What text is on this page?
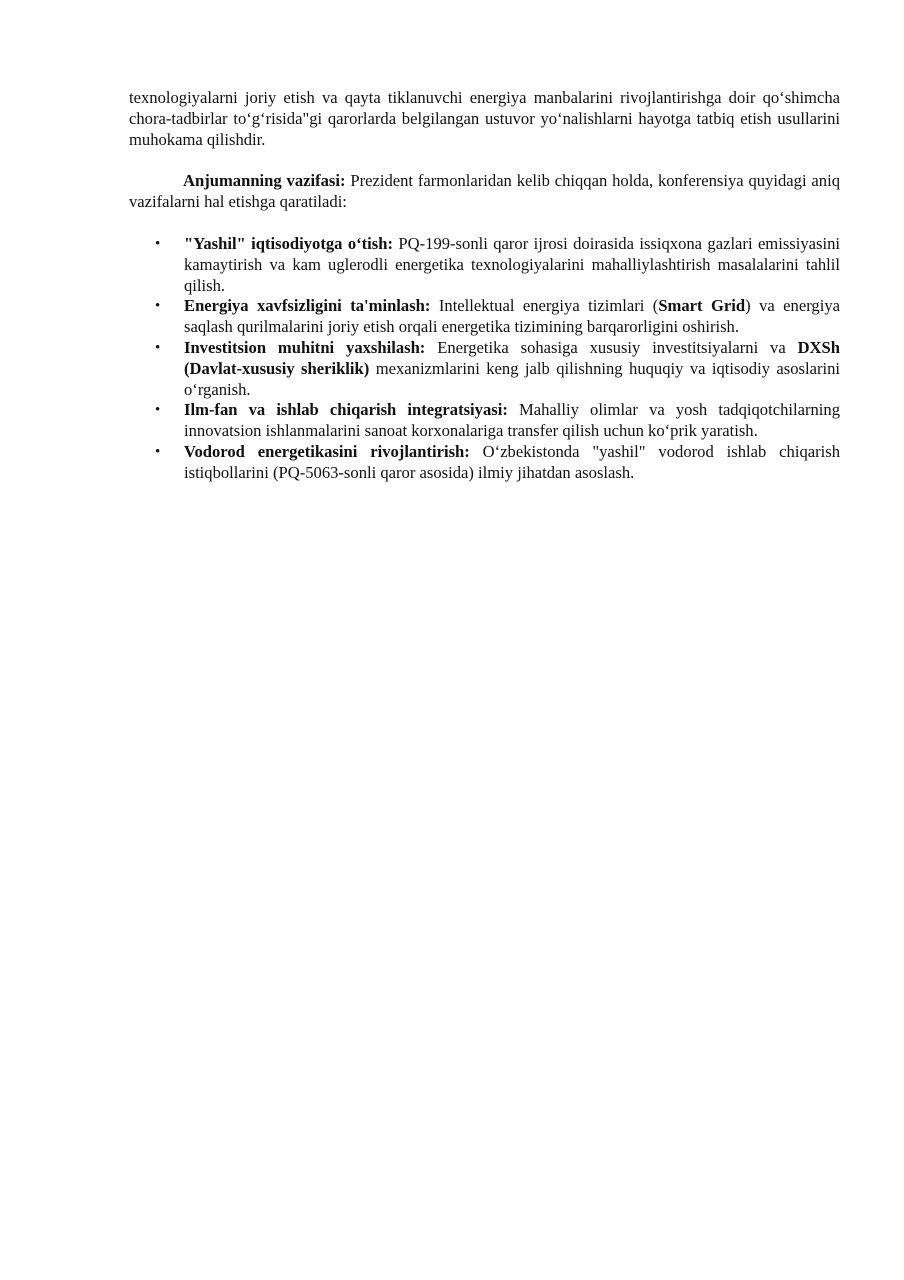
texnologiyalarni joriy etish va qayta tiklanuvchi energiya manbalarini rivojlantirishga doir qo‘shimcha chora-tadbirlar to‘g‘risida"gi qarorlarda belgilangan ustuvor yo‘nalishlarni hayotga tatbiq etish usullarini muhokama qilishdir.

Anjumanning vazifasi: Prezident farmonlaridan kelib chiqqan holda, konferensiya quyidagi aniq vazifalarni hal etishga qaratiladi:

• "Yashil" iqtisodiyotga o‘tish: PQ-199-sonli qaror ijrosi doirasida issiqxona gazlari emissiyasini kamaytirish va kam uglerodli energetika texnologiyalarini mahalliylashtirish masalalarini tahlil qilish.
• Energiya xavfsizligini ta'minlash: Intellektual energiya tizimlari (Smart Grid) va energiya saqlash qurilmalarini joriy etish orqali energetika tizimining barqarorligini oshirish.
• Investitsion muhitni yaxshilash: Energetika sohasiga xususiy investitsiyalarni va DXSh (Davlat-xususiy sheriklik) mexanizmlarini keng jalb qilishning huquqiy va iqtisodiy asoslarini o‘rganish.
• Ilm-fan va ishlab chiqarish integratsiyasi: Mahalliy olimlar va yosh tadqiqotchilarning innovatsion ishlanmalarini sanoat korxonalariga transfer qilish uchun ko‘prik yaratish.
• Vodorod energetikasini rivojlantirish: O‘zbekistonda "yashil" vodorod ishlab chiqarish istiqbollarini (PQ-5063-sonli qaror asosida) ilmiy jihatdan asoslash.
